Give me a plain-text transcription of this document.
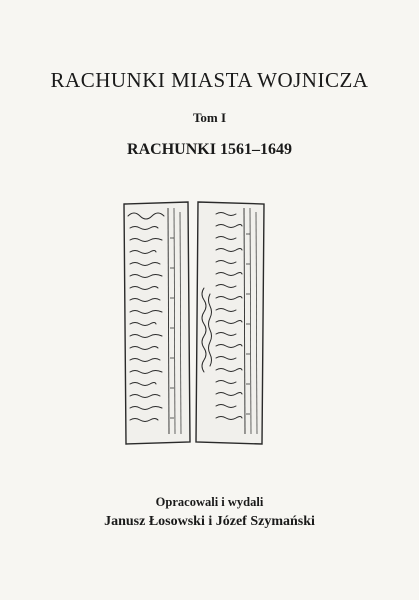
RACHUNKI MIASTA WOJNICZA
Tom I
RACHUNKI 1561–1649
Opracowali i wydali
Janusz Łosowski i Józef Szymański
